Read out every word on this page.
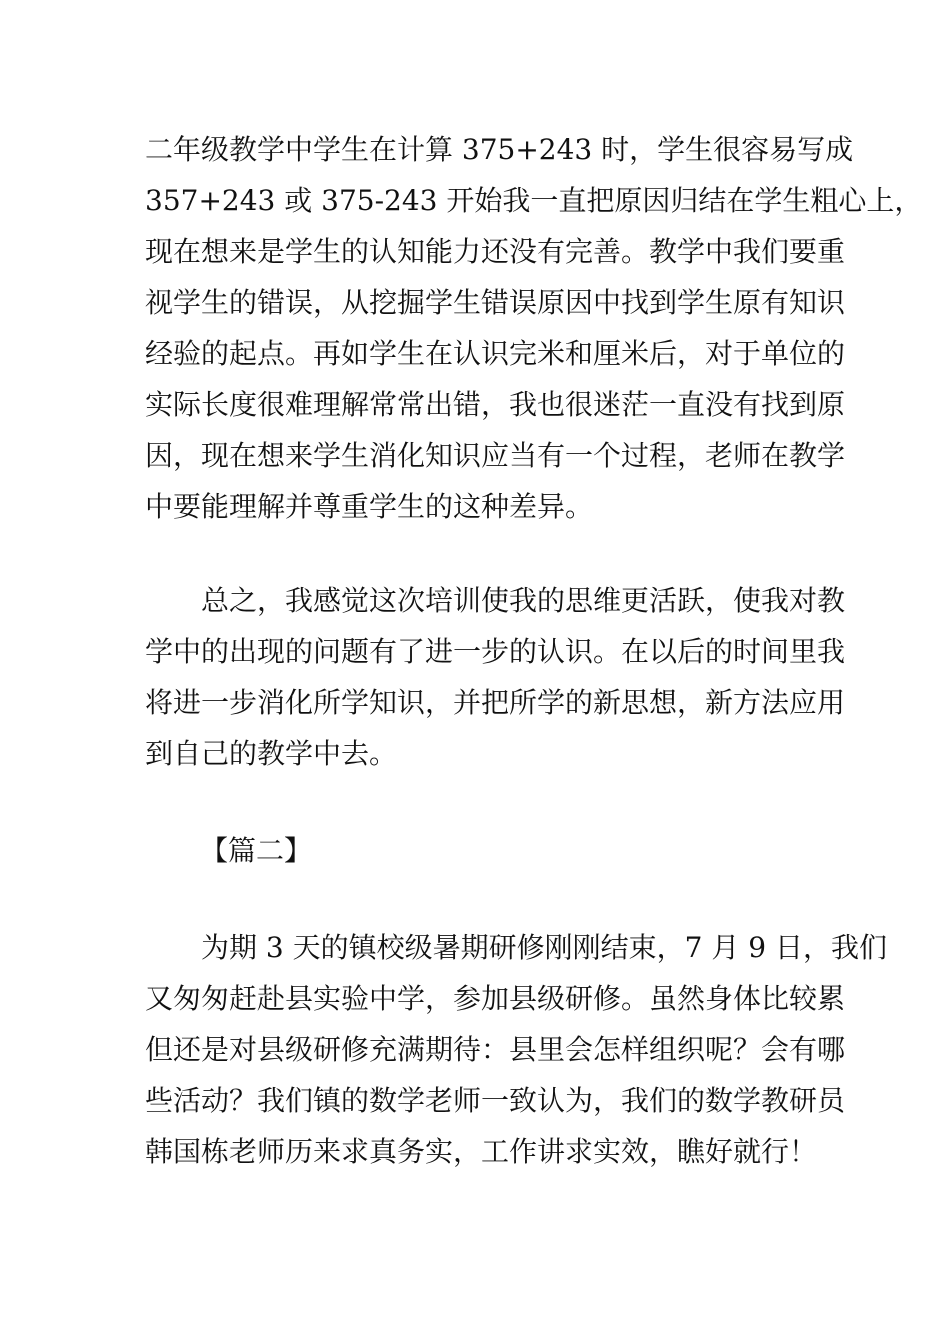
二年级教学中学生在计算 375+243 时，学生很容易写成
357+243 或 375-243 开始我一直把原因归结在学生粗心上，
现在想来是学生的认知能力还没有完善。教学中我们要重
视学生的错误，从挖掘学生错误原因中找到学生原有知识
经验的起点。再如学生在认识完米和厘米后，对于单位的
实际长度很难理解常常出错，我也很迷茫一直没有找到原
因，现在想来学生消化知识应当有一个过程，老师在教学
中要能理解并尊重学生的这种差异。
　　总之，我感觉这次培训使我的思维更活跃，使我对教
学中的出现的问题有了进一步的认识。在以后的时间里我
将进一步消化所学知识，并把所学的新思想，新方法应用
到自己的教学中去。
【篇二】
　　为期 3 天的镇校级暑期研修刚刚结束，7 月 9 日，我们
又匆匆赶赴县实验中学，参加县级研修。虽然身体比较累
但还是对县级研修充满期待：县里会怎样组织呢？会有哪
些活动？我们镇的数学老师一致认为，我们的数学教研员
韩国栋老师历来求真务实，工作讲求实效，瞧好就行！
